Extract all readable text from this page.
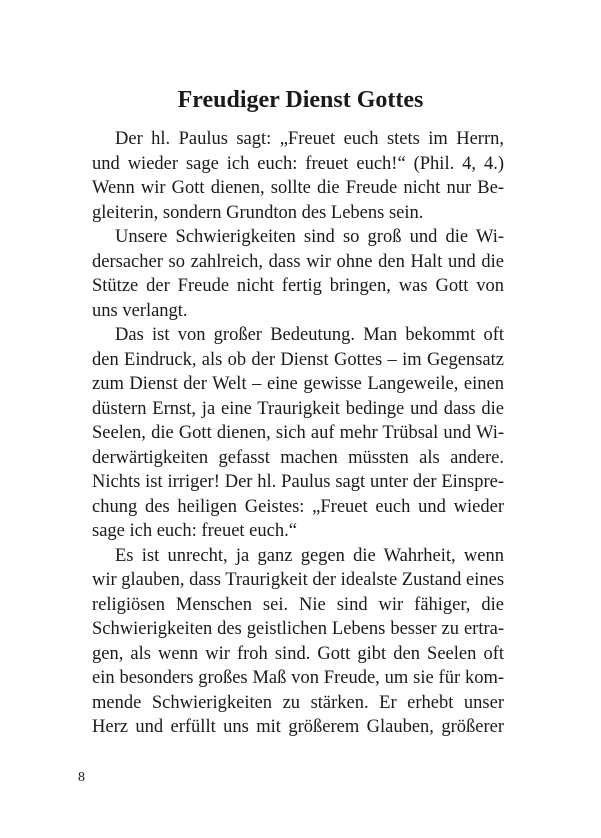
Freudiger Dienst Gottes

Der hl. Paulus sagt: „Freuet euch stets im Herrn,
und wieder sage ich euch: freuet euch!“ (Phil. 4, 4.)
Wenn wir Gott dienen, sollte die Freude nicht nur Be-
gleiterin, sondern Grundton des Lebens sein.

Unsere Schwierigkeiten sind so groß und die Wi-
dersacher so zahlreich, dass wir ohne den Halt und die
Stütze der Freude nicht fertig bringen, was Gott von
uns verlangt.

Das ist von großer Bedeutung. Man bekommt oft
den Eindruck, als ob der Dienst Gottes – im Gegensatz
zum Dienst der Welt – eine gewisse Langeweile, einen
düstern Ernst, ja eine Traurigkeit bedinge und dass die
Seelen, die Gott dienen, sich auf mehr Trübsal und Wi-
derwärtigkeiten gefasst machen müssten als andere.
Nichts ist irriger! Der hl. Paulus sagt unter der Einspre-
chung des heiligen Geistes: „Freuet euch und wieder
sage ich euch: freuet euch.“

Es ist unrecht, ja ganz gegen die Wahrheit, wenn
wir glauben, dass Traurigkeit der idealste Zustand eines
religiösen Menschen sei. Nie sind wir fähiger, die
Schwierigkeiten des geistlichen Lebens besser zu ertra-
gen, als wenn wir froh sind. Gott gibt den Seelen oft
ein besonders großes Maß von Freude, um sie für kom-
mende Schwierigkeiten zu stärken. Er erhebt unser
Herz und erfüllt uns mit größerem Glauben, größerer

8
